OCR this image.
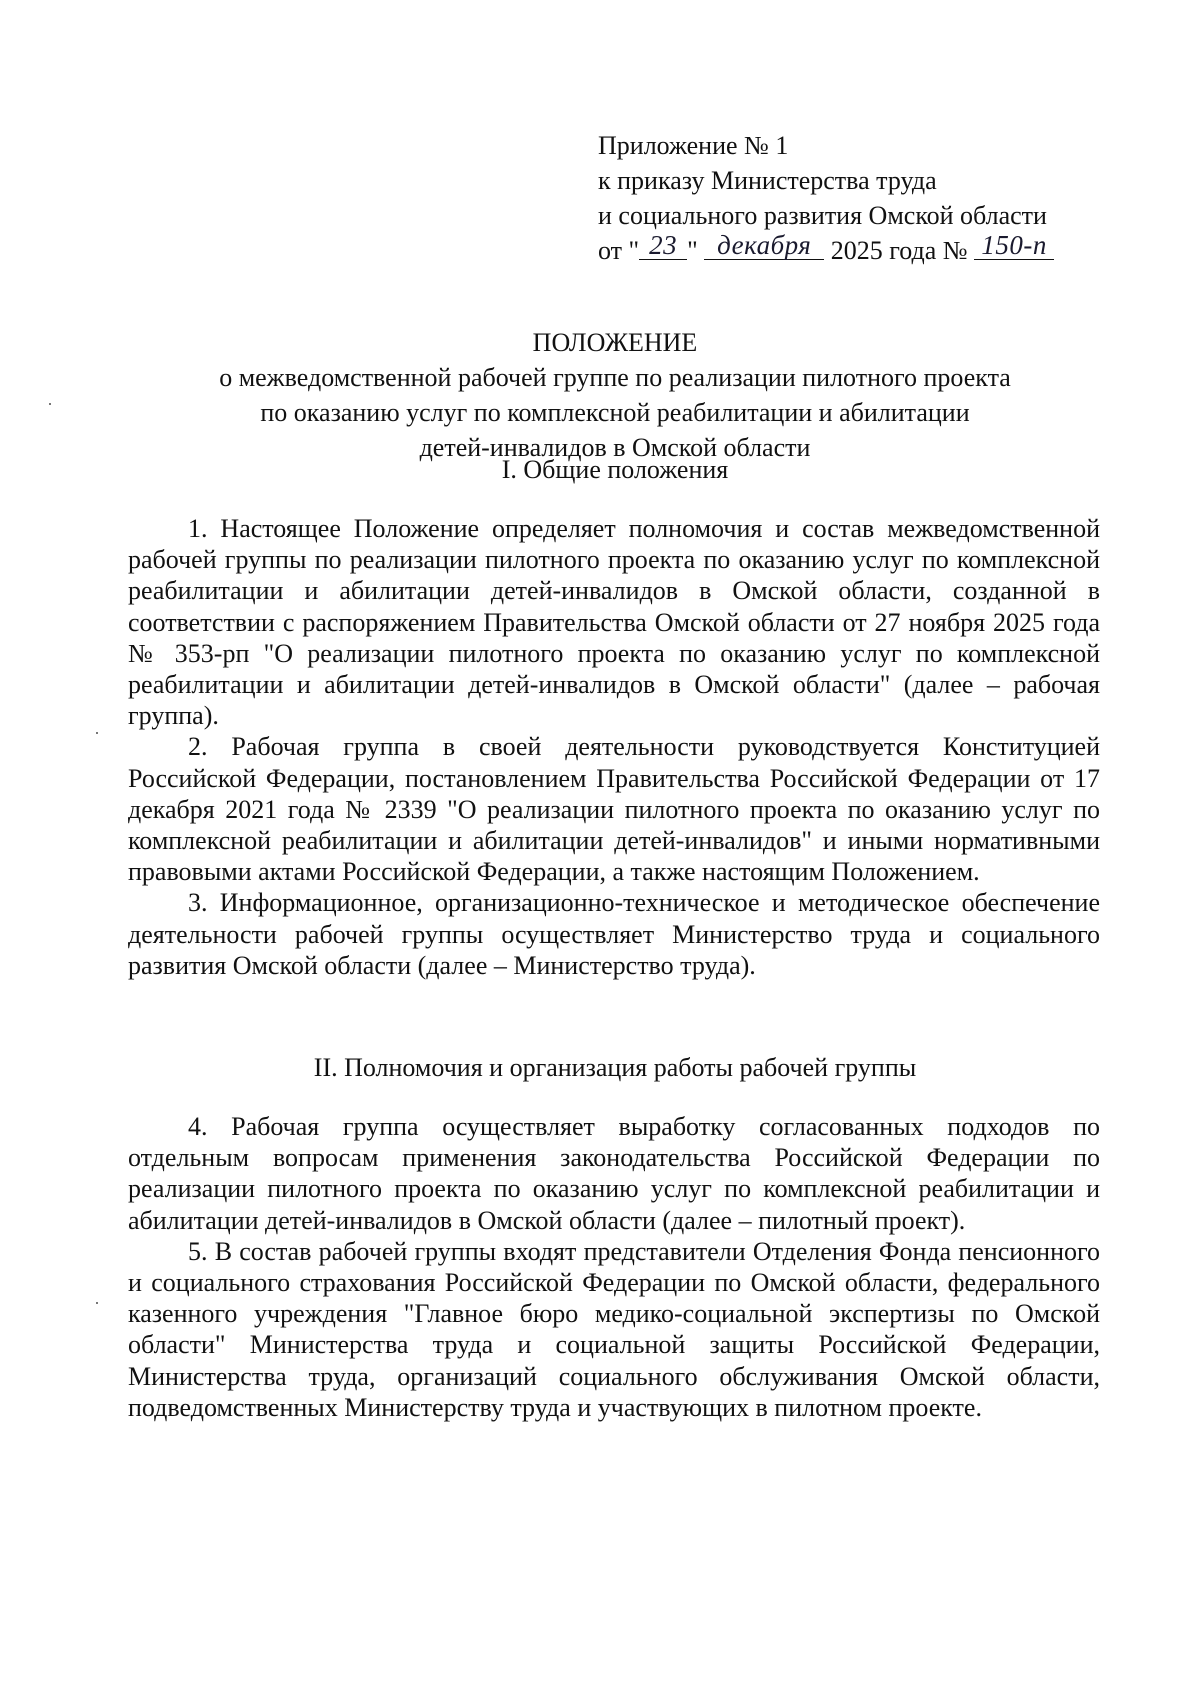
Приложение № 1
к приказу Министерства труда
и социального развития Омской области
от " 23 " декабря 2025 года № 150-п
ПОЛОЖЕНИЕ
о межведомственной рабочей группе по реализации пилотного проекта
по оказанию услуг по комплексной реабилитации и абилитации
детей-инвалидов в Омской области
I. Общие положения

1. Настоящее Положение определяет полномочия и состав межведомственной рабочей группы по реализации пилотного проекта по оказанию услуг по комплексной реабилитации и абилитации детей-инвалидов в Омской области, созданной в соответствии с распоряжением Правительства Омской области от 27 ноября 2025 года № 353-рп "О реализации пилотного проекта по оказанию услуг по комплексной реабилитации и абилитации детей-инвалидов в Омской области" (далее – рабочая группа).

2. Рабочая группа в своей деятельности руководствуется Конституцией Российской Федерации, постановлением Правительства Российской Федерации от 17 декабря 2021 года № 2339 "О реализации пилотного проекта по оказанию услуг по комплексной реабилитации и абилитации детей-инвалидов" и иными нормативными правовыми актами Российской Федерации, а также настоящим Положением.

3. Информационное, организационно-техническое и методическое обеспечение деятельности рабочей группы осуществляет Министерство труда и социального развития Омской области (далее – Министерство труда).

II. Полномочия и организация работы рабочей группы

4. Рабочая группа осуществляет выработку согласованных подходов по отдельным вопросам применения законодательства Российской Федерации по реализации пилотного проекта по оказанию услуг по комплексной реабилитации и абилитации детей-инвалидов в Омской области (далее – пилотный проект).

5. В состав рабочей группы входят представители Отделения Фонда пенсионного и социального страхования Российской Федерации по Омской области, федерального казенного учреждения "Главное бюро медико-социальной экспертизы по Омской области" Министерства труда и социальной защиты Российской Федерации, Министерства труда, организаций социального обслуживания Омской области, подведомственных Министерству труда и участвующих в пилотном проекте.
